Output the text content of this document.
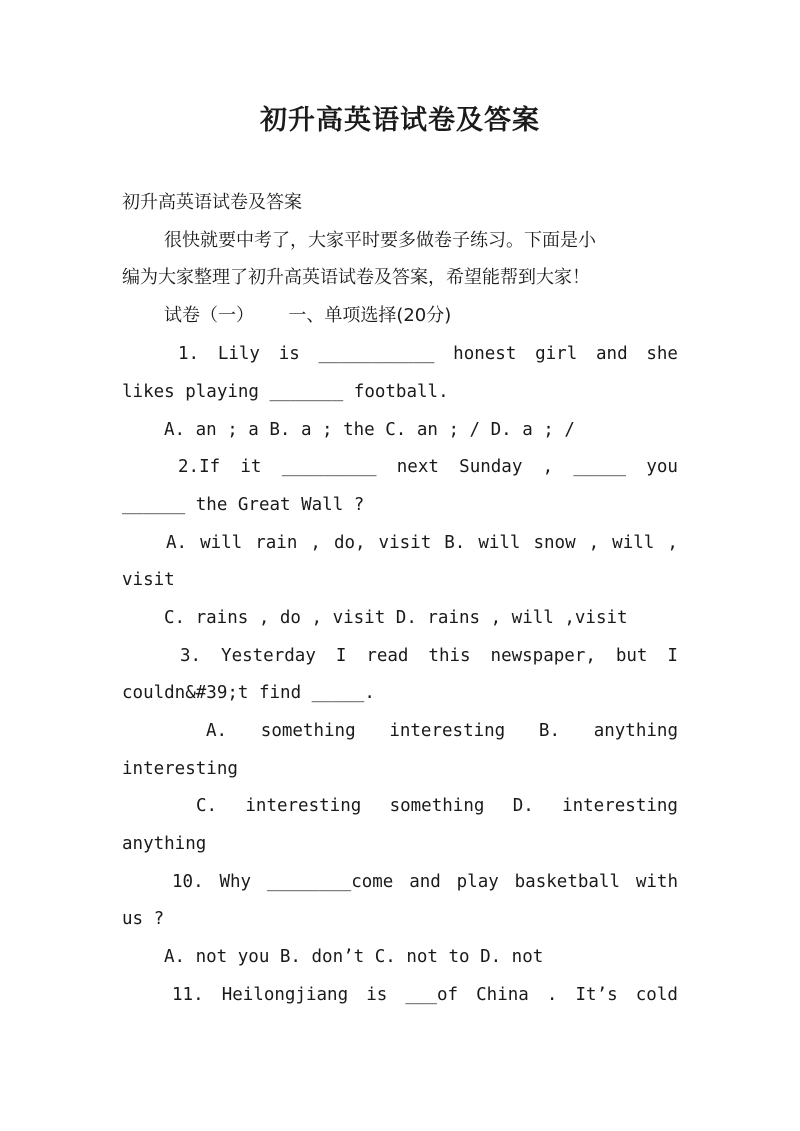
初升高英语试卷及答案
初升高英语试卷及答案
很快就要中考了，大家平时要多做卷子练习。下面是小
编为大家整理了初升高英语试卷及答案，希望能帮到大家！
试卷（一）      一、单项选择(20分)
1. Lily is ___________ honest girl and she
likes playing _______ football.
A. an ; a B. a ; the C. an ; / D. a ; /
2.If it _________ next Sunday , _____ you
______ the Great Wall ?
A. will rain , do, visit B. will snow , will ,
visit
C. rains , do , visit D. rains , will ,visit
3. Yesterday I read this newspaper, but I
couldn&#39;t find _____.
A. something interesting B. anything
interesting
C. interesting something D. interesting
anything
10. Why ________come and play basketball with
us ?
A. not you B. don’t C. not to D. not
11. Heilongjiang is ___of China . It’s cold
